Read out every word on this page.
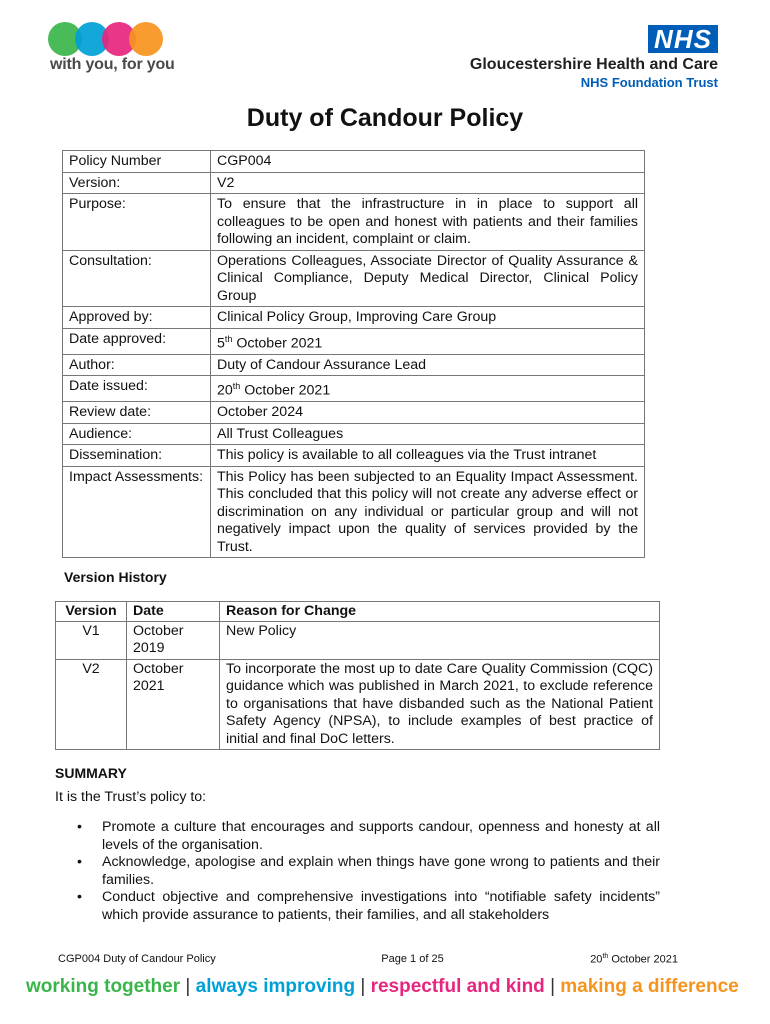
with you, for you
NHS
Gloucestershire Health and Care
NHS Foundation Trust
Duty of Candour Policy
Policy Number	CGP004
Version:	V2
Purpose:	To ensure that the infrastructure in in place to support all colleagues to be open and honest with patients and their families following an incident, complaint or claim.
Consultation:	Operations Colleagues, Associate Director of Quality Assurance & Clinical Compliance, Deputy Medical Director, Clinical Policy Group
Approved by:	Clinical Policy Group, Improving Care Group
Date approved:	5th October 2021
Author:	Duty of Candour Assurance Lead
Date issued:	20th October 2021
Review date:	October 2024
Audience:	All Trust Colleagues
Dissemination:	This policy is available to all colleagues via the Trust intranet
Impact Assessments:	This Policy has been subjected to an Equality Impact Assessment. This concluded that this policy will not create any adverse effect or discrimination on any individual or particular group and will not negatively impact upon the quality of services provided by the Trust.
Version History
Version	Date	Reason for Change
V1	October 2019	New Policy
V2	October 2021	To incorporate the most up to date Care Quality Commission (CQC) guidance which was published in March 2021, to exclude reference to organisations that have disbanded such as the National Patient Safety Agency (NPSA), to include examples of best practice of initial and final DoC letters.
SUMMARY
It is the Trust’s policy to:
• Promote a culture that encourages and supports candour, openness and honesty at all levels of the organisation.
• Acknowledge, apologise and explain when things have gone wrong to patients and their families.
• Conduct objective and comprehensive investigations into “notifiable safety incidents” which provide assurance to patients, their families, and all stakeholders
CGP004 Duty of Candour Policy	Page 1 of 25	20th October 2021
working together | always improving | respectful and kind | making a difference
